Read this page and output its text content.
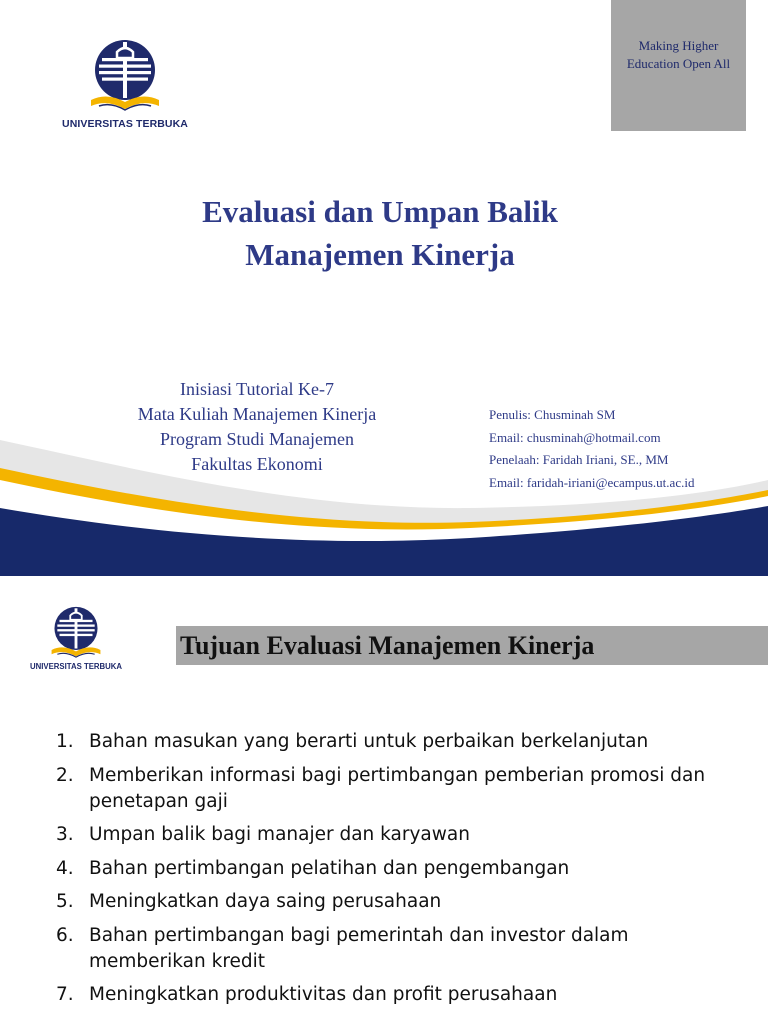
UNIVERSITAS TERBUKA
Making Higher Education Open All
Evaluasi dan Umpan Balik
Manajemen Kinerja
Inisiasi Tutorial Ke-7
Mata Kuliah Manajemen Kinerja
Program Studi Manajemen
Fakultas Ekonomi
Penulis: Chusminah SM
Email: chusminah@hotmail.com
Penelaah: Faridah Iriani, SE., MM
Email: faridah-iriani@ecampus.ut.ac.id
UNIVERSITAS TERBUKA
Tujuan Evaluasi Manajemen Kinerja
1. Bahan masukan yang berarti untuk perbaikan berkelanjutan
2. Memberikan informasi bagi pertimbangan pemberian promosi dan penetapan gaji
3. Umpan balik bagi manajer dan karyawan
4. Bahan pertimbangan pelatihan dan pengembangan
5. Meningkatkan daya saing perusahaan
6. Bahan pertimbangan bagi pemerintah dan investor dalam memberikan kredit
7. Meningkatkan produktivitas dan profit perusahaan
